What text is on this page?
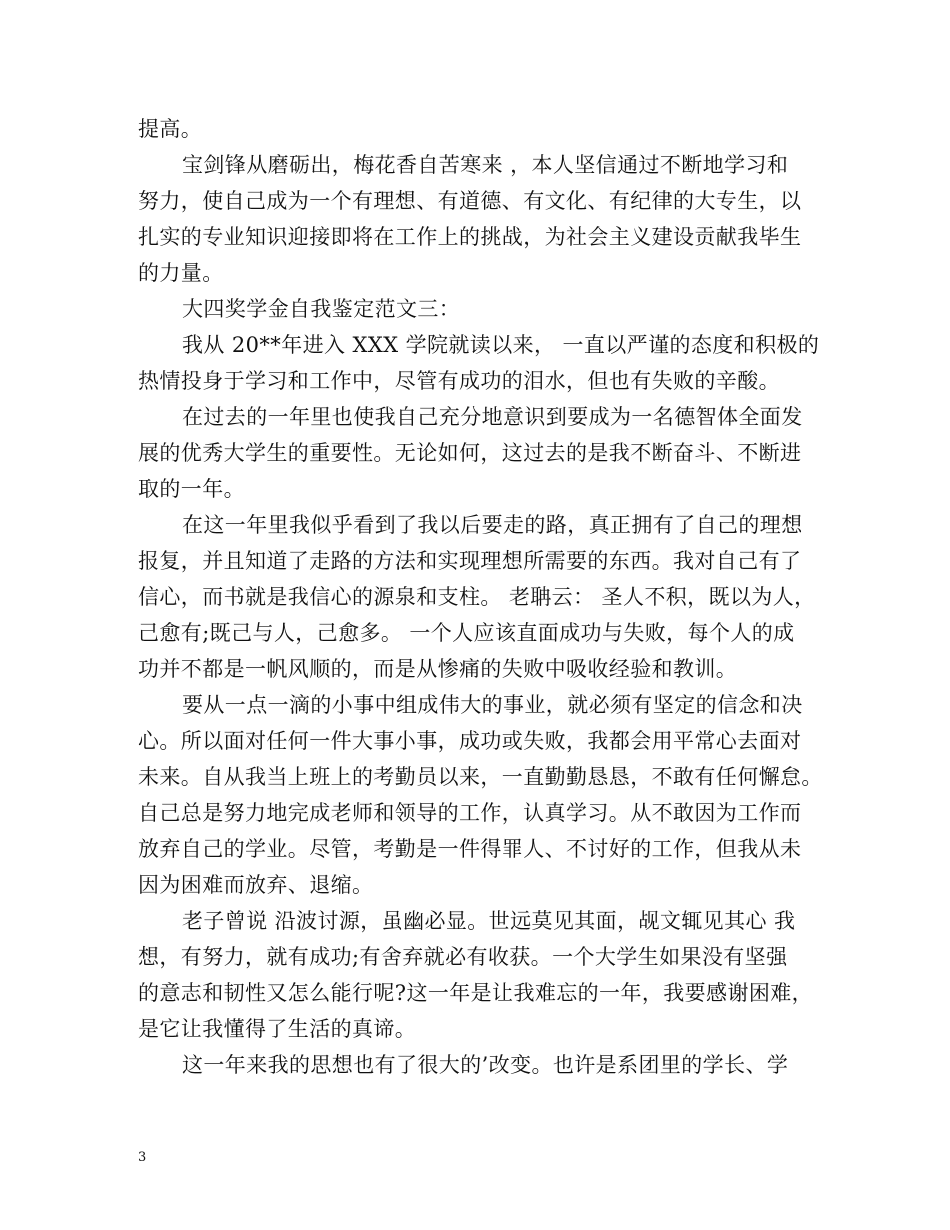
提高。
宝剑锋从磨砺出，梅花香自苦寒来 ，本人坚信通过不断地学习和
努力，使自己成为一个有理想、有道德、有文化、有纪律的大专生，以
扎实的专业知识迎接即将在工作上的挑战，为社会主义建设贡献我毕生
的力量。
大四奖学金自我鉴定范文三：
我从 20**年进入 XXX 学院就读以来， 一直以严谨的态度和积极的
热情投身于学习和工作中，尽管有成功的泪水，但也有失败的辛酸。
在过去的一年里也使我自己充分地意识到要成为一名德智体全面发
展的优秀大学生的重要性。无论如何，这过去的是我不断奋斗、不断进
取的一年。
在这一年里我似乎看到了我以后要走的路，真正拥有了自己的理想
报复，并且知道了走路的方法和实现理想所需要的东西。我对自己有了
信心，而书就是我信心的源泉和支柱。 老聃云： 圣人不积，既以为人，
己愈有;既己与人，己愈多。 一个人应该直面成功与失败，每个人的成
功并不都是一帆风顺的，而是从惨痛的失败中吸收经验和教训。
要从一点一滴的小事中组成伟大的事业，就必须有坚定的信念和决
心。所以面对任何一件大事小事，成功或失败，我都会用平常心去面对
未来。自从我当上班上的考勤员以来，一直勤勤恳恳，不敢有任何懈怠。
自己总是努力地完成老师和领导的工作，认真学习。从不敢因为工作而
放弃自己的学业。尽管，考勤是一件得罪人、不讨好的工作，但我从未
因为困难而放弃、退缩。
老子曾说 沿波讨源，虽幽必显。世远莫见其面，觇文辄见其心 我
想，有努力，就有成功;有舍弃就必有收获。一个大学生如果没有坚强
的意志和韧性又怎么能行呢?这一年是让我难忘的一年，我要感谢困难，
是它让我懂得了生活的真谛。
这一年来我的思想也有了很大的’改变。也许是系团里的学长、学
3
